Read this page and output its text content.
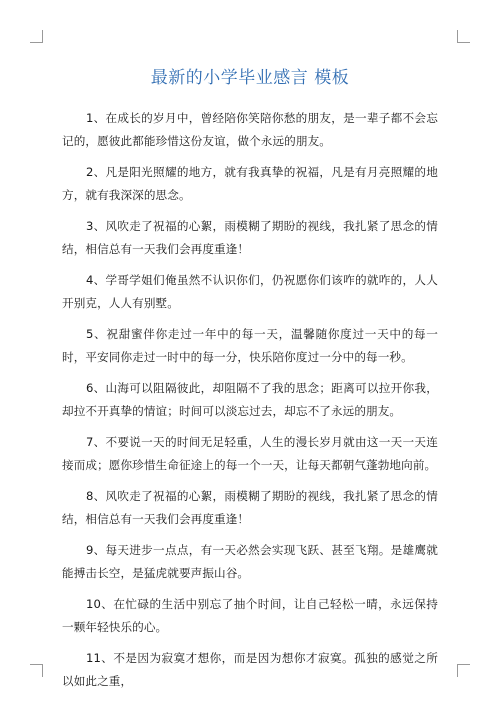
最新的小学毕业感言 模板

1、在成长的岁月中，曾经陪你笑陪你愁的朋友，是一辈子都不会忘记的，愿彼此都能珍惜这份友谊，做个永远的朋友。

2、凡是阳光照耀的地方，就有我真挚的祝福，凡是有月亮照耀的地方，就有我深深的思念。

3、风吹走了祝福的心絮，雨模糊了期盼的视线，我扎紧了思念的情结，相信总有一天我们会再度重逢！

4、学哥学姐们俺虽然不认识你们，仍祝愿你们该咋的就咋的，人人开别克，人人有别墅。

5、祝甜蜜伴你走过一年中的每一天，温馨随你度过一天中的每一时，平安同你走过一时中的每一分，快乐陪你度过一分中的每一秒。

6、山海可以阻隔彼此，却阻隔不了我的思念；距离可以拉开你我，却拉不开真挚的情谊；时间可以淡忘过去，却忘不了永远的朋友。

7、不要说一天的时间无足轻重，人生的漫长岁月就由这一天一天连接而成；愿你珍惜生命征途上的每一个一天，让每天都朝气蓬勃地向前。

8、风吹走了祝福的心絮，雨模糊了期盼的视线，我扎紧了思念的情结，相信总有一天我们会再度重逢！

9、每天进步一点点，有一天必然会实现飞跃、甚至飞翔。是雄鹰就能搏击长空，是猛虎就要声振山谷。

10、在忙碌的生活中别忘了抽个时间，让自己轻松一晴，永远保持一颗年轻快乐的心。

11、不是因为寂寞才想你，而是因为想你才寂寞。孤独的感觉之所以如此之重，
